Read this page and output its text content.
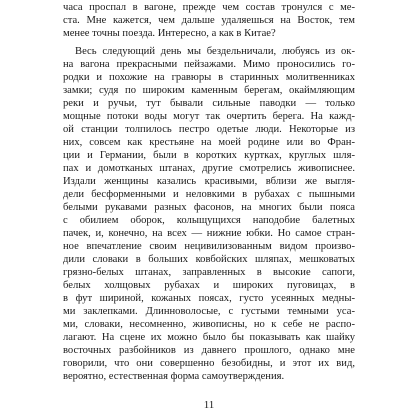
часа проспал в вагоне, прежде чем состав тронулся с ме-
ста. Мне кажется, чем дальше удаляешься на Восток, тем
менее точны поезда. Интересно, а как в Китае?
Весь следующий день мы бездельничали, любуясь из ок-
на вагона прекрасными пейзажами. Мимо проносились го-
родки и похожие на гравюры в старинных молитвенниках
замки; судя по широким каменным берегам, окаймляющим
реки и ручьи, тут бывали сильные паводки — только
мощные потоки воды могут так очертить берега. На кажд-
ой станции толпилось пестро одетые люди. Некоторые из
них, совсем как крестьяне на моей родине или во Фран-
ции и Германии, были в коротких куртках, круглых шля-
пах и домотканых штанах, другие смотрелись живописнее.
Издали женщины казались красивыми, вблизи же выгля-
дели бесформенными и неловкими в рубахах с пышными
белыми рукавами разных фасонов, на многих были пояса
с обилием оборок, колыщущихся наподобие балетных
пачек, и, конечно, на всех — нижние юбки. Но самое стран-
ное впечатление своим нецивилизованным видом произво-
дили словаки в больших ковбойских шляпах, мешковатых
грязно-белых штанах, заправленных в высокие сапоги,
белых холщовых рубахах и широких пуговицах, в
в фут шириной, кожаных поясах, густо усеянных медны-
ми заклепками. Длинноволосые, с густыми темными уса-
ми, словаки, несомненно, живописны, но к себе не распо-
лагают. На сцене их можно было бы показывать как шайку
восточных разбойников из давнего прошлого, однако мне
говорили, что они совершенно безобидны, и этот их вид,
вероятно, естественная форма самоутверждения.
11
